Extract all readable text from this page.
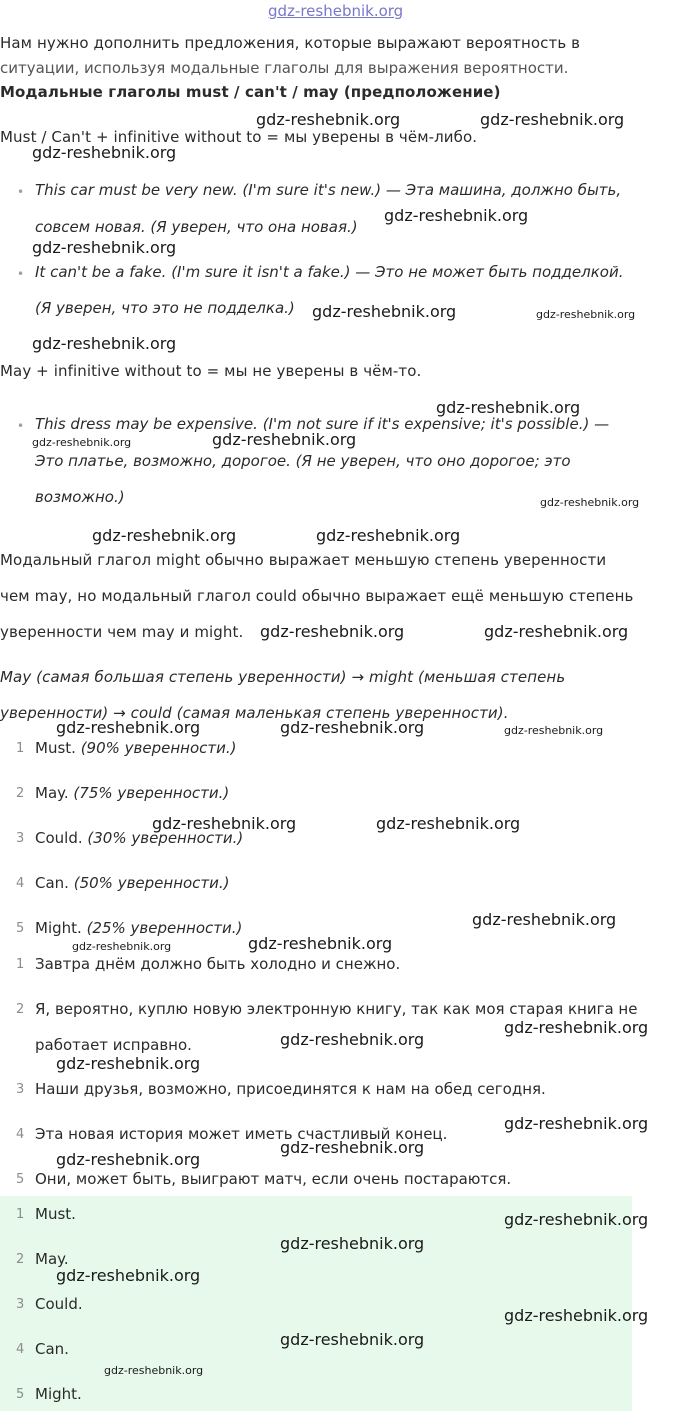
gdz-reshebnik.org
Нам нужно дополнить предложения, которые выражают вероятность в
ситуации, используя модальные глаголы для выражения вероятности.
Модальные глаголы must / can't / may (предположение)
Must / Can't + infinitive without to = мы уверены в чём-либо.
• This car must be very new. (I'm sure it's new.) — Эта машина, должно быть,
совсем новая. (Я уверен, что она новая.)
• It can't be a fake. (I'm sure it isn't a fake.) — Это не может быть подделкой.
(Я уверен, что это не подделка.)
May + infinitive without to = мы не уверены в чём-то.
• This dress may be expensive. (I'm not sure if it's expensive; it's possible.) —
Это платье, возможно, дорогое. (Я не уверен, что оно дорогое; это
возможно.)
Модальный глагол might обычно выражает меньшую степень уверенности
чем may, но модальный глагол could обычно выражает ещё меньшую степень
уверенности чем may и might.
May (самая большая степень уверенности) → might (меньшая степень
уверенности) → could (самая маленькая степень уверенности).
1 Must. (90% уверенности.)
2 May. (75% уверенности.)
3 Could. (30% уверенности.)
4 Can. (50% уверенности.)
5 Might. (25% уверенности.)
1 Завтра днём должно быть холодно и снежно.
2 Я, вероятно, куплю новую электронную книгу, так как моя старая книга не
работает исправно.
3 Наши друзья, возможно, присоединятся к нам на обед сегодня.
4 Эта новая история может иметь счастливый конец.
5 Они, может быть, выиграют матч, если очень постараются.
1 Must.
2 May.
3 Could.
4 Can.
5 Might.
gdz-reshebnik.org	gdz-reshebnik.org
gdz-reshebnik.org
gdz-reshebnik.org
gdz-reshebnik.org
gdz-reshebnik.org	gdz-reshebnik.org
gdz-reshebnik.org
gdz-reshebnik.org
gdz-reshebnik.org	gdz-reshebnik.org
gdz-reshebnik.org
gdz-reshebnik.org	gdz-reshebnik.org
gdz-reshebnik.org	gdz-reshebnik.org
gdz-reshebnik.org	gdz-reshebnik.org	gdz-reshebnik.org
gdz-reshebnik.org	gdz-reshebnik.org
gdz-reshebnik.org
gdz-reshebnik.org	gdz-reshebnik.org
gdz-reshebnik.org
gdz-reshebnik.org
gdz-reshebnik.org
gdz-reshebnik.org
gdz-reshebnik.org
gdz-reshebnik.org
gdz-reshebnik.org
gdz-reshebnik.org
gdz-reshebnik.org
gdz-reshebnik.org
gdz-reshebnik.org
gdz-reshebnik.org
